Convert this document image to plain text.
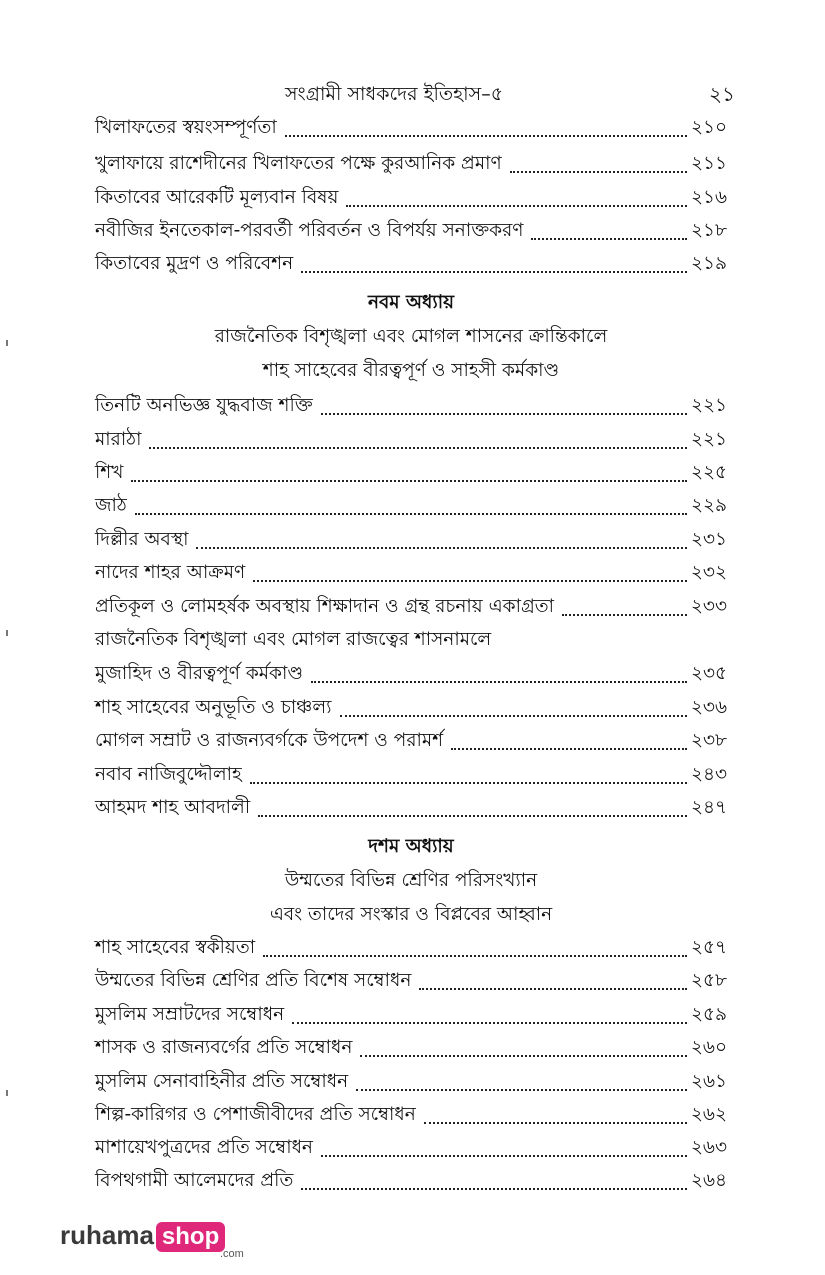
সংগ্রামী সাধকদের ইতিহাস–৫	২১
খিলাফতের স্বয়ংসম্পূর্ণতা	২১০
খুলাফায়ে রাশেদীনের খিলাফতের পক্ষে কুরআনিক প্রমাণ	২১১
কিতাবের আরেকটি মূল্যবান বিষয়	২১৬
নবীজির ইনতেকাল-পরবর্তী পরিবর্তন ও বিপর্যয় সনাক্তকরণ	২১৮
কিতাবের মুদ্রণ ও পরিবেশন	২১৯
নবম অধ্যায়
রাজনৈতিক বিশৃঙ্খলা এবং মোগল শাসনের ক্রান্তিকালে
শাহ সাহেবের বীরত্বপূর্ণ ও সাহসী কর্মকাণ্ড
তিনটি অনভিজ্ঞ যুদ্ধবাজ শক্তি	২২১
মারাঠা	২২১
শিখ	২২৫
জাঠ	২২৯
দিল্লীর অবস্থা	২৩১
নাদের শাহর আক্রমণ	২৩২
প্রতিকূল ও লোমহর্ষক অবস্থায় শিক্ষাদান ও গ্রন্থ রচনায় একাগ্রতা	২৩৩
রাজনৈতিক বিশৃঙ্খলা এবং মোগল রাজত্বের শাসনামলে
মুজাহিদ ও বীরত্বপূর্ণ কর্মকাণ্ড	২৩৫
শাহ সাহেবের অনুভূতি ও চাঞ্চল্য	২৩৬
মোগল সম্রাট ও রাজন্যবর্গকে উপদেশ ও পরামর্শ	২৩৮
নবাব নাজিবুদ্দৌলাহ	২৪৩
আহমদ শাহ আবদালী	২৪৭
দশম অধ্যায়
উম্মতের বিভিন্ন শ্রেণির পরিসংখ্যান
এবং তাদের সংস্কার ও বিপ্লবের আহ্বান
শাহ সাহেবের স্বকীয়তা	২৫৭
উম্মতের বিভিন্ন শ্রেণির প্রতি বিশেষ সম্বোধন	২৫৮
মুসলিম সম্রাটদের সম্বোধন	২৫৯
শাসক ও রাজন্যবর্গের প্রতি সম্বোধন	২৬০
মুসলিম সেনাবাহিনীর প্রতি সম্বোধন	২৬১
শিল্প-কারিগর ও পেশাজীবীদের প্রতি সম্বোধন	২৬২
মাশায়েখপুত্রদের প্রতি সম্বোধন	২৬৩
বিপথগামী আলেমদের প্রতি	২৬৪
ruhama shop
.com
